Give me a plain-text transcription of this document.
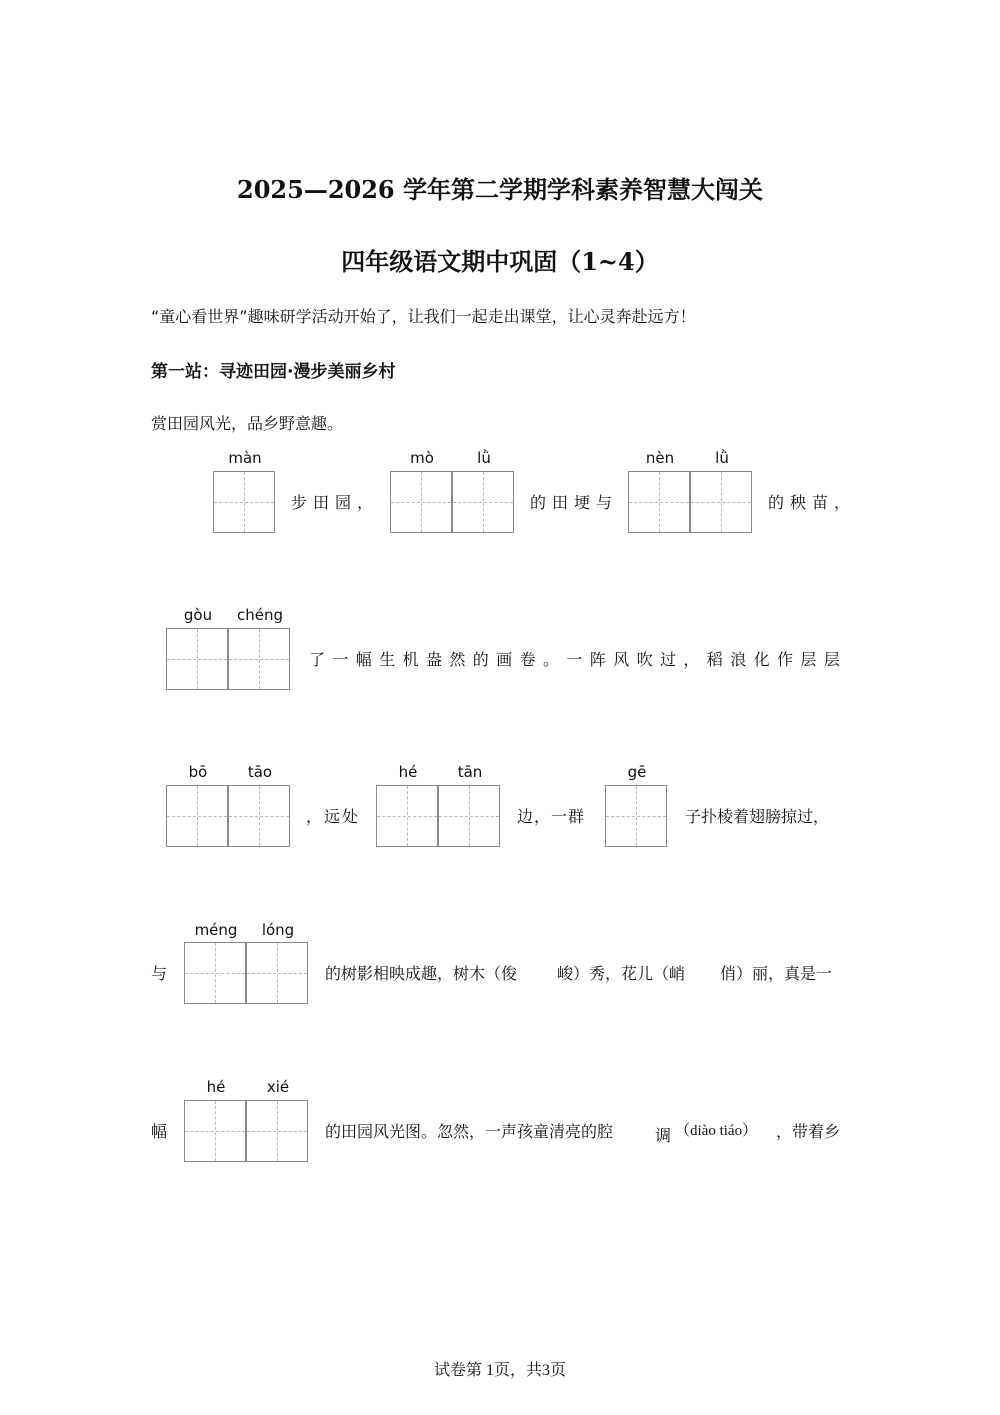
2025—2026 学年第二学期学科素养智慧大闯关
四年级语文期中巩固（1~4）
“童心看世界”趣味研学活动开始了，让我们一起走出课堂，让心灵奔赴远方！
第一站：寻迹田园·漫步美丽乡村
赏田园风光，品乡野意趣。
màn
步田园，
mò	lǜ
的田埂与
nèn	lǜ
的秧苗，
gòu	chéng
了一幅生机盎然的画卷。一阵风吹过，稻浪化作层层
bō	tāo
，远处
hé	tān
边，一群
gē
子扑棱着翅膀掠过，
与
méng	lóng
的树影相映成趣，树木（俊 峻）秀，花儿（峭 俏）丽，真是一
幅
hé	xié
的田园风光图。忽然，一声孩童清亮的腔	调 （diào tiáo） ，带着乡
试卷第 1页，共3页
